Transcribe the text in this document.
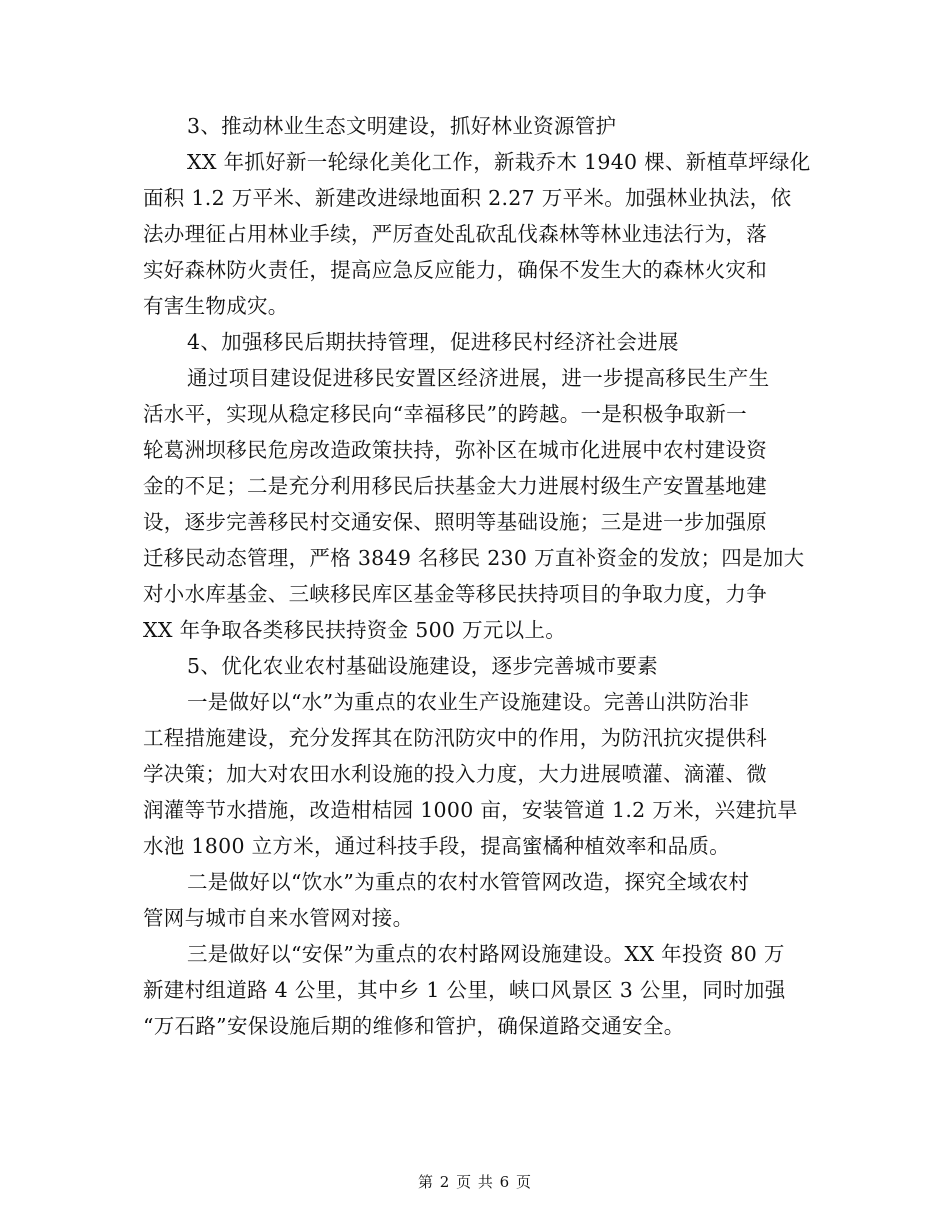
3、推动林业生态文明建设，抓好林业资源管护
XX 年抓好新一轮绿化美化工作，新栽乔木 1940 棵、新植草坪绿化
面积 1.2 万平米、新建改进绿地面积 2.27 万平米。加强林业执法，依
法办理征占用林业手续，严厉查处乱砍乱伐森林等林业违法行为，落
实好森林防火责任，提高应急反应能力，确保不发生大的森林火灾和
有害生物成灾。
4、加强移民后期扶持管理，促进移民村经济社会进展
通过项目建设促进移民安置区经济进展，进一步提高移民生产生
活水平，实现从稳定移民向“幸福移民”的跨越。一是积极争取新一
轮葛洲坝移民危房改造政策扶持，弥补区在城市化进展中农村建设资
金的不足；二是充分利用移民后扶基金大力进展村级生产安置基地建
设，逐步完善移民村交通安保、照明等基础设施；三是进一步加强原
迁移民动态管理，严格 3849 名移民 230 万直补资金的发放；四是加大
对小水库基金、三峡移民库区基金等移民扶持项目的争取力度，力争
XX 年争取各类移民扶持资金 500 万元以上。
5、优化农业农村基础设施建设，逐步完善城市要素
一是做好以“水”为重点的农业生产设施建设。完善山洪防治非
工程措施建设，充分发挥其在防汛防灾中的作用，为防汛抗灾提供科
学决策；加大对农田水利设施的投入力度，大力进展喷灌、滴灌、微
润灌等节水措施，改造柑桔园 1000 亩，安装管道 1.2 万米，兴建抗旱
水池 1800 立方米，通过科技手段，提高蜜橘种植效率和品质。
二是做好以“饮水”为重点的农村水管管网改造，探究全域农村
管网与城市自来水管网对接。
三是做好以“安保”为重点的农村路网设施建设。XX 年投资 80 万
新建村组道路 4 公里，其中乡 1 公里，峡口风景区 3 公里，同时加强
“万石路”安保设施后期的维修和管护，确保道路交通安全。
第 2 页 共 6 页
